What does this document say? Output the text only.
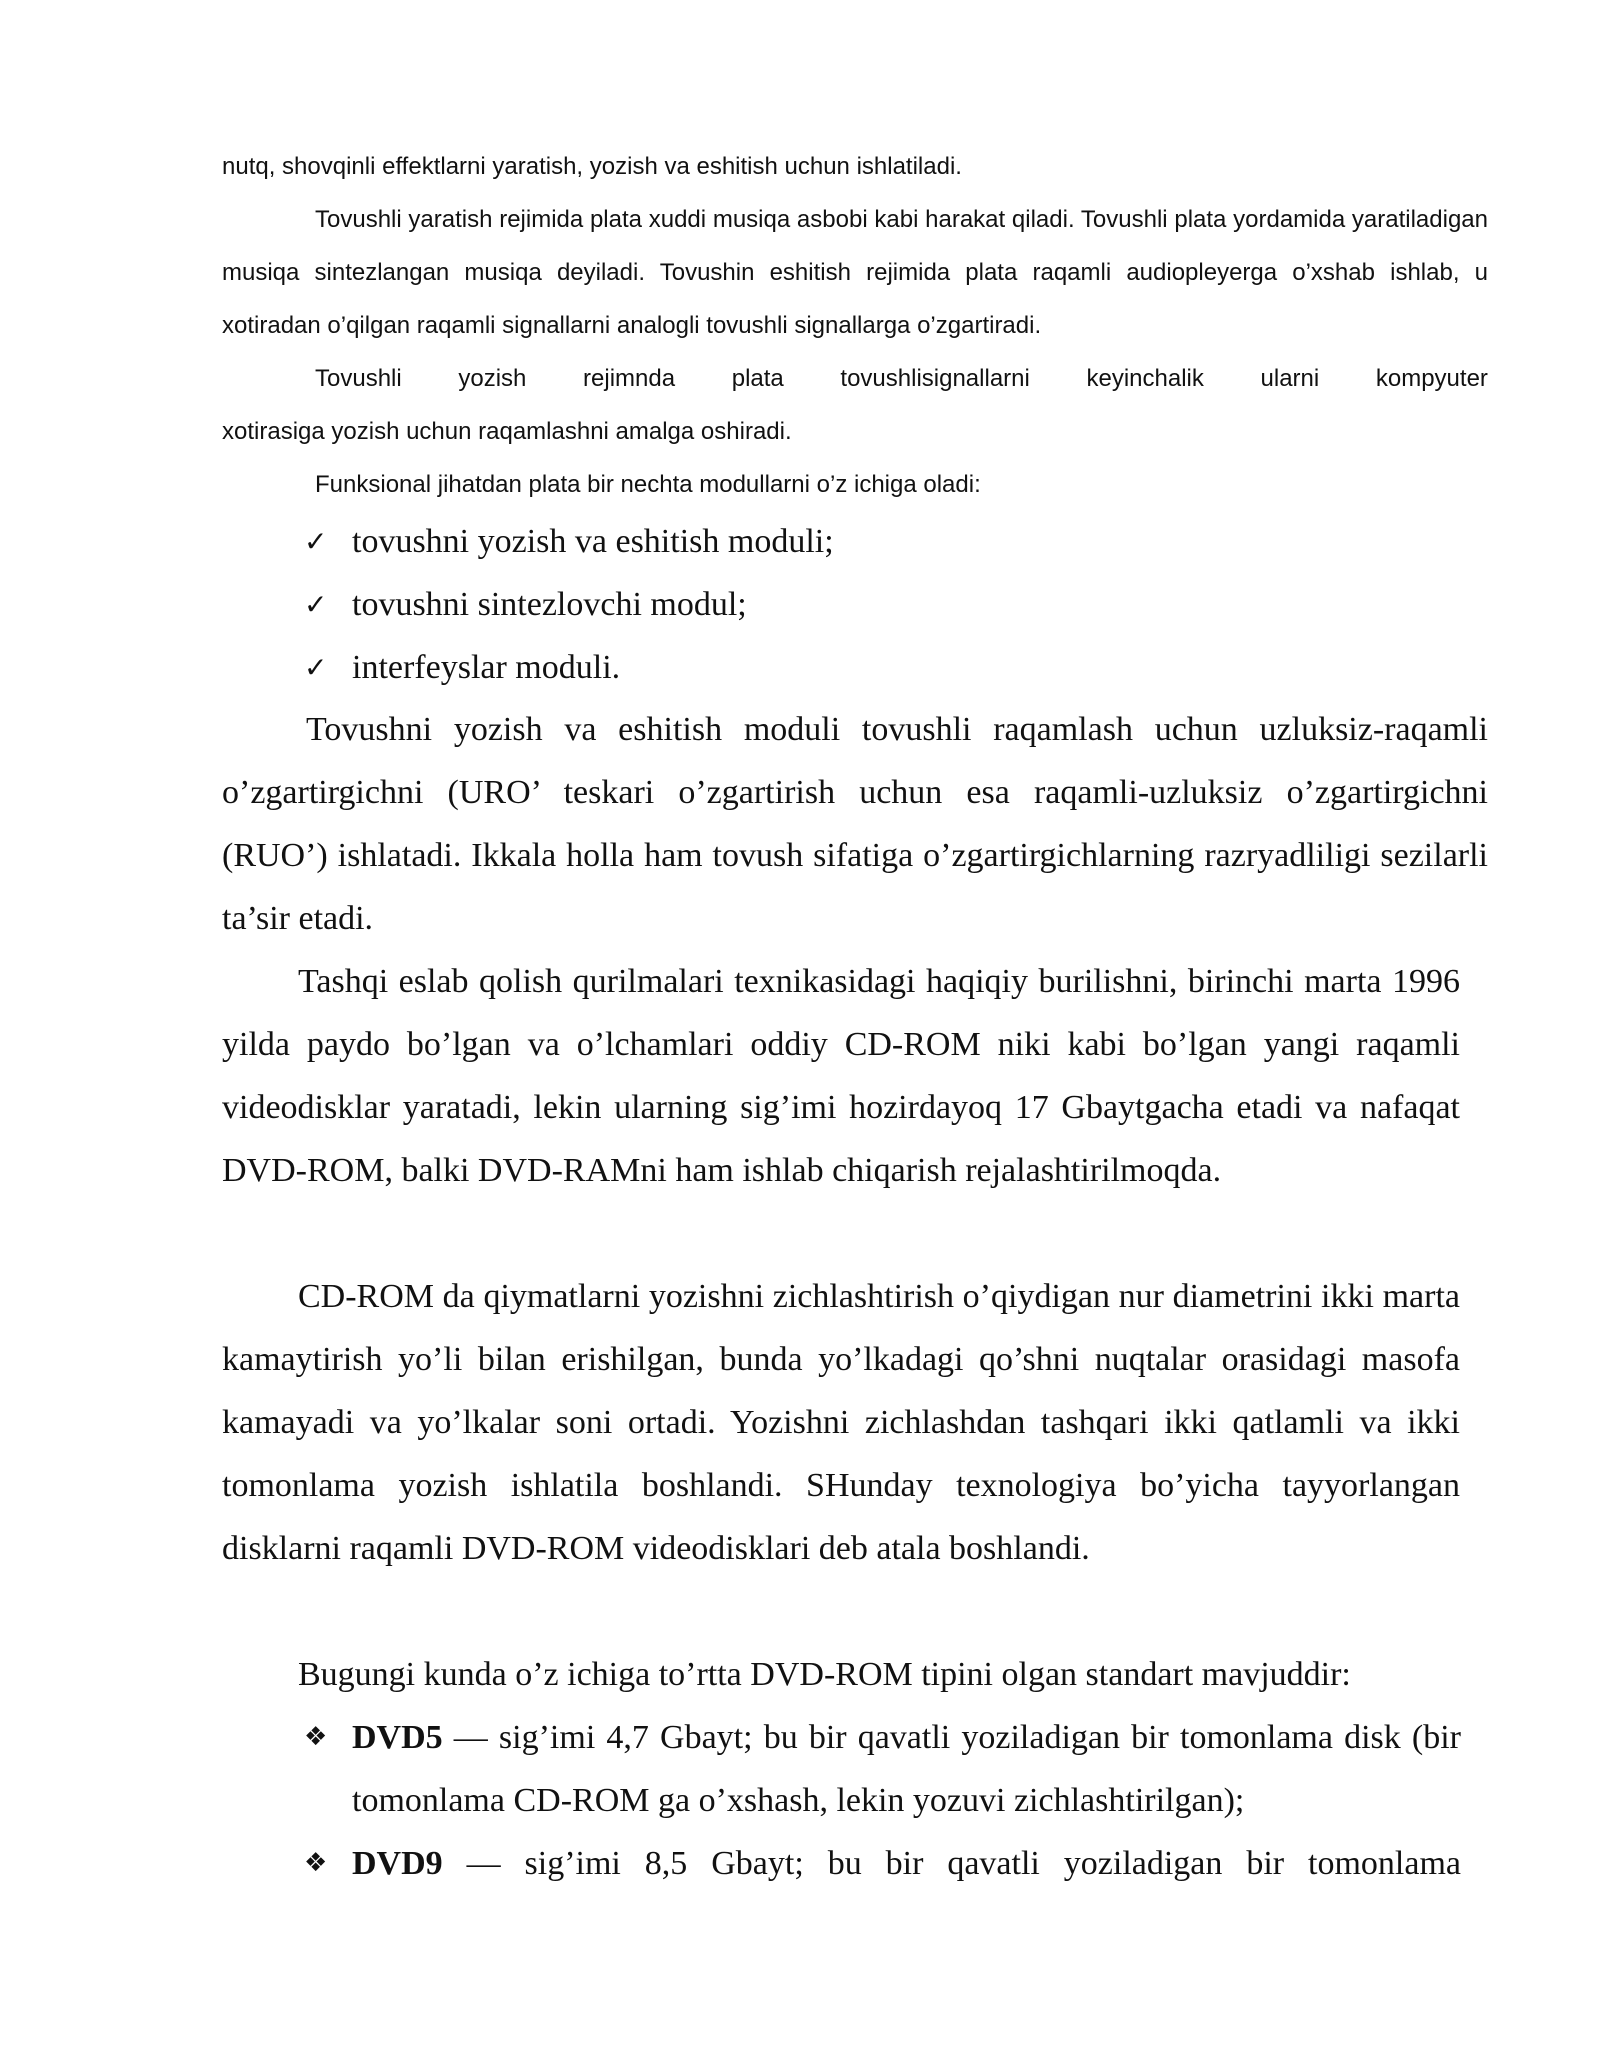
nutq, shovqinli effektlarni yaratish, yozish va eshitish uchun ishlatiladi.

Tovushli yaratish rejimida plata xuddi musiqa asbobi kabi harakat qiladi. Tovushli plata yordamida yaratiladigan musiqa sintezlangan musiqa deyiladi. Tovushin eshitish rejimida plata raqamli audiopleyerga o’xshab ishlab, u xotiradan o’qilgan raqamli signallarni analogli tovushli signallarga o’zgartiradi.

Tovushli yozish rejimnda plata tovushlisignallarni keyinchalik ularni kompyuter

xotirasiga yozish uchun raqamlashni amalga oshiradi.

Funksional jihatdan plata bir nechta modullarni o’z ichiga oladi:

✓ tovushni yozish va eshitish moduli;
✓ tovushni sintezlovchi modul;
✓ interfeyslar moduli.

Tovushni yozish va eshitish moduli tovushli raqamlash uchun uzluksiz-raqamli o’zgartirgichni (URO’ teskari o’zgartirish uchun esa raqamli-uzluksiz o’zgartirgichni (RUO’) ishlatadi. Ikkala holla ham tovush sifatiga o’zgartirgichlarning razryadliligi sezilarli ta’sir etadi.

Tashqi eslab qolish qurilmalari texnikasidagi haqiqiy burilishni, birinchi marta 1996 yilda paydo bo’lgan va o’lchamlari oddiy CD-ROM niki kabi bo’lgan yangi raqamli videodisklar yaratadi, lekin ularning sig’imi hozirdayoq 17 Gbaytgacha etadi va nafaqat DVD-ROM, balki DVD-RAMni ham ishlab chiqarish rejalashtirilmoqda.

CD-ROM da qiymatlarni yozishni zichlashtirish o’qiydigan nur diametrini ikki marta kamaytirish yo’li bilan erishilgan, bunda yo’lkadagi qo’shni nuqtalar orasidagi masofa kamayadi va yo’lkalar soni ortadi. Yozishni zichlashdan tashqari ikki qatlamli va ikki tomonlama yozish ishlatila boshlandi. SHunday texnologiya bo’yicha tayyorlangan disklarni raqamli DVD-ROM videodisklari deb atala boshlandi.

Bugungi kunda o’z ichiga to’rtta DVD-ROM tipini olgan standart mavjuddir:

❖ DVD5 — sig’imi 4,7 Gbayt; bu bir qavatli yoziladigan bir tomonlama disk (bir tomonlama CD-ROM ga o’xshash, lekin yozuvi zichlashtirilgan);
❖ DVD9 — sig’imi 8,5 Gbayt; bu bir qavatli yoziladigan bir tomonlama
